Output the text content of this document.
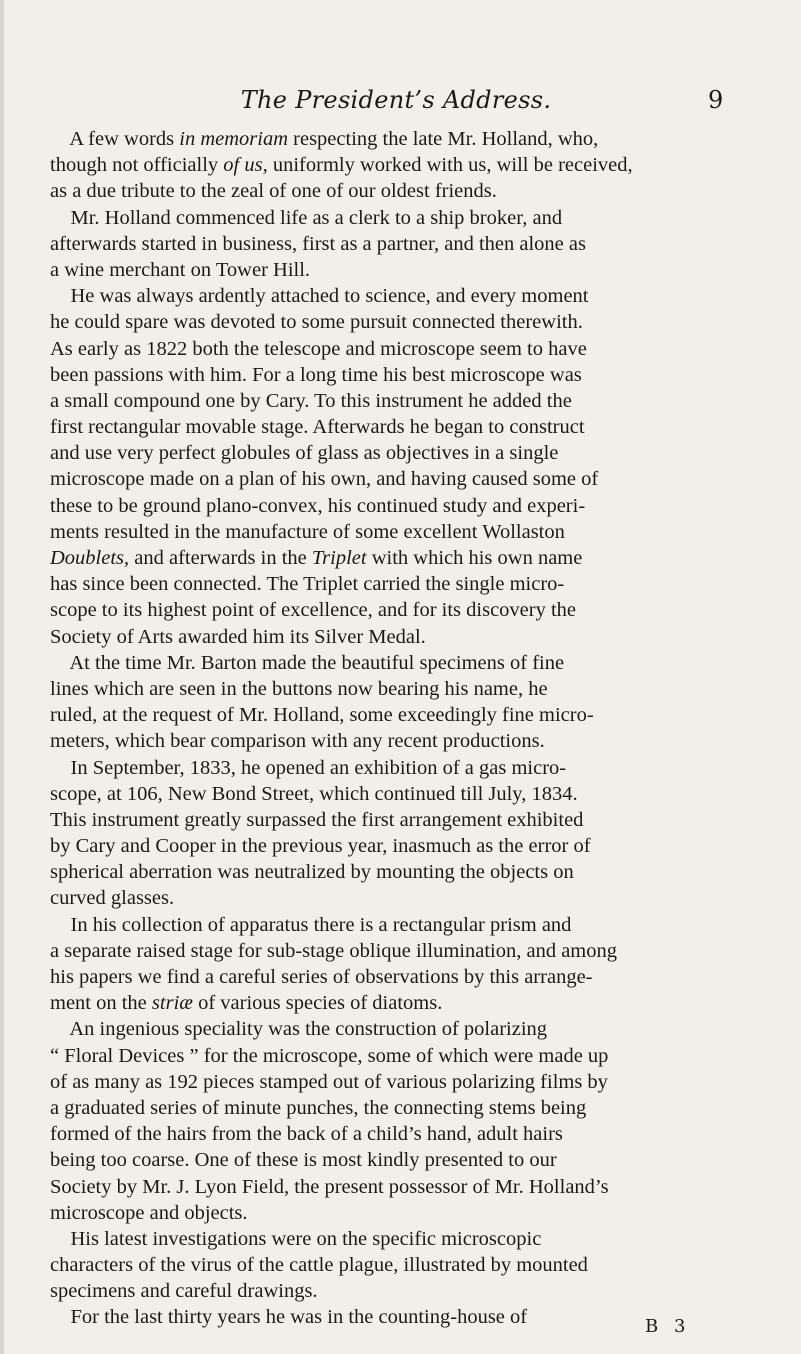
The President’s Address.	9
A few words in memoriam respecting the late Mr. Holland, who,
though not officially of us, uniformly worked with us, will be received,
as a due tribute to the zeal of one of our oldest friends.
Mr. Holland commenced life as a clerk to a ship broker, and
afterwards started in business, first as a partner, and then alone as
a wine merchant on Tower Hill.
He was always ardently attached to science, and every moment
he could spare was devoted to some pursuit connected therewith.
As early as 1822 both the telescope and microscope seem to have
been passions with him. For a long time his best microscope was
a small compound one by Cary. To this instrument he added the
first rectangular movable stage. Afterwards he began to construct
and use very perfect globules of glass as objectives in a single
microscope made on a plan of his own, and having caused some of
these to be ground plano-convex, his continued study and experi-
ments resulted in the manufacture of some excellent Wollaston
Doublets, and afterwards in the Triplet with which his own name
has since been connected. The Triplet carried the single micro-
scope to its highest point of excellence, and for its discovery the
Society of Arts awarded him its Silver Medal.
At the time Mr. Barton made the beautiful specimens of fine
lines which are seen in the buttons now bearing his name, he
ruled, at the request of Mr. Holland, some exceedingly fine micro-
meters, which bear comparison with any recent productions.
In September, 1833, he opened an exhibition of a gas micro-
scope, at 106, New Bond Street, which continued till July, 1834.
This instrument greatly surpassed the first arrangement exhibited
by Cary and Cooper in the previous year, inasmuch as the error of
spherical aberration was neutralized by mounting the objects on
curved glasses.
In his collection of apparatus there is a rectangular prism and
a separate raised stage for sub-stage oblique illumination, and among
his papers we find a careful series of observations by this arrange-
ment on the striæ of various species of diatoms.
An ingenious speciality was the construction of polarizing
“ Floral Devices ” for the microscope, some of which were made up
of as many as 192 pieces stamped out of various polarizing films by
a graduated series of minute punches, the connecting stems being
formed of the hairs from the back of a child’s hand, adult hairs
being too coarse. One of these is most kindly presented to our
Society by Mr. J. Lyon Field, the present possessor of Mr. Holland’s
microscope and objects.
His latest investigations were on the specific microscopic
characters of the virus of the cattle plague, illustrated by mounted
specimens and careful drawings.
For the last thirty years he was in the counting-house of	B 3
